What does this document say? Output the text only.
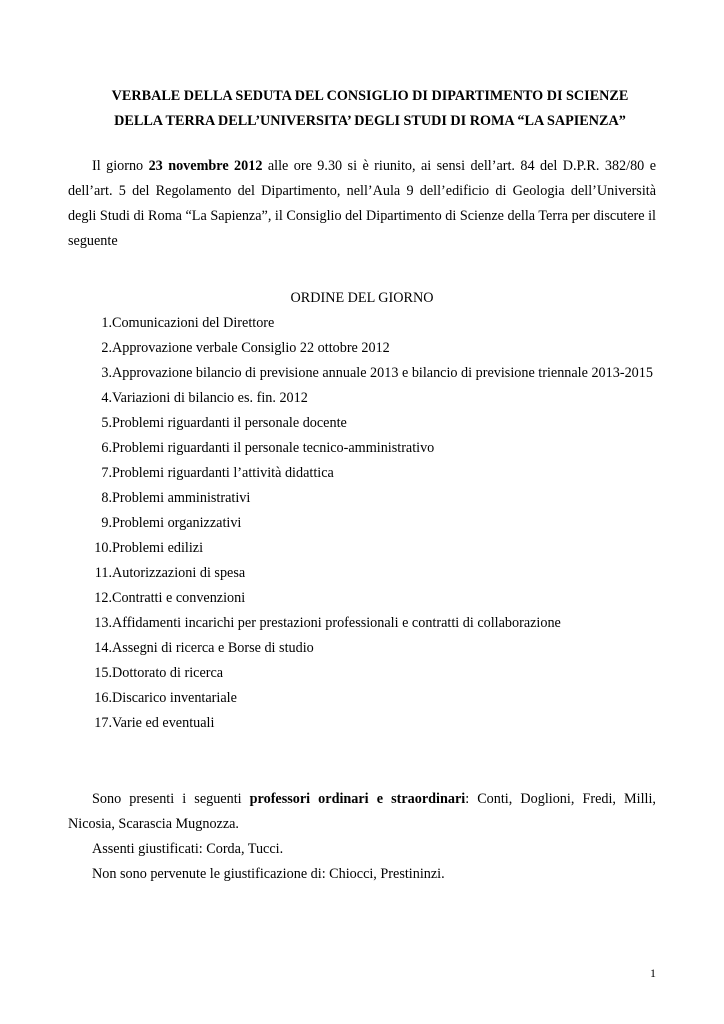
VERBALE DELLA SEDUTA DEL CONSIGLIO DI DIPARTIMENTO DI SCIENZE
DELLA TERRA DELL’UNIVERSITA’ DEGLI STUDI DI ROMA “LA SAPIENZA”

Il giorno 23 novembre 2012 alle ore 9.30 si è riunito, ai sensi dell’art. 84 del D.P.R. 382/80 e dell’art. 5 del Regolamento del Dipartimento, nell’Aula 9 dell’edificio di Geologia dell’Università degli Studi di Roma “La Sapienza”, il Consiglio del Dipartimento di Scienze della Terra per discutere il seguente

ORDINE DEL GIORNO

1. Comunicazioni del Direttore
2. Approvazione verbale Consiglio 22 ottobre 2012
3. Approvazione bilancio di previsione annuale 2013 e bilancio di previsione triennale 2013-2015
4. Variazioni di bilancio es. fin. 2012
5. Problemi riguardanti il personale docente
6. Problemi riguardanti il personale tecnico-amministrativo
7. Problemi riguardanti l’attività didattica
8. Problemi amministrativi
9. Problemi organizzativi
10. Problemi edilizi
11. Autorizzazioni di spesa
12. Contratti e convenzioni
13. Affidamenti incarichi per prestazioni professionali e contratti di collaborazione
14. Assegni di ricerca e Borse di studio
15. Dottorato di ricerca
16. Discarico inventariale
17. Varie ed eventuali

Sono presenti i seguenti professori ordinari e straordinari: Conti, Doglioni, Fredi, Milli, Nicosia, Scarascia Mugnozza.

Assenti giustificati: Corda, Tucci.

Non sono pervenute le giustificazione di: Chiocci, Prestininzi.

1
